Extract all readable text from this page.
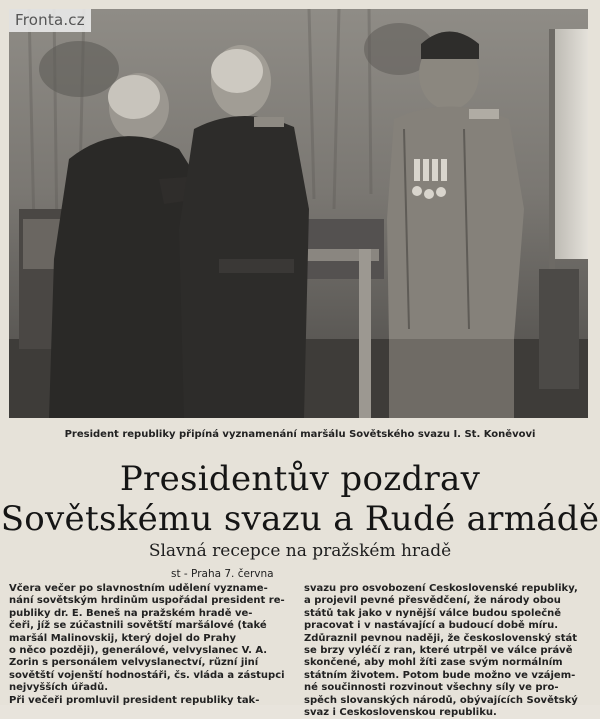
Fronta.cz
President republiky připíná vyznamenání maršálu Sovětského svazu I. St. Koněvovi
Presidentův pozdrav
Sovětskému svazu a Rudé armádě
Slavná recepce na pražském hradě
st - Praha 7. června
Včera večer po slavnostním udělení vyzname-
nání sovětským hrdinům uspořádal president re-
publiky dr. E. Beneš na pražském hradě ve-
čeři, jíž se zúčastnili sovětští maršálové (také
maršál Malinovskij, který dojel do Prahy
o něco později), generálové, velvyslanec V. A.
Zorin s personálem velvyslanectví, různí jiní
sovětští vojenští hodnostáři, čs. vláda a zástupci
nejvyšších úřadů.
Při večeři promluvil president republiky tak-
svazu pro osvobození Československé republiky,
a projevil pevné přesvědčení, že národy obou
států tak jako v nynější válce budou společně
pracovat i v nastávající a budoucí době míru.
Zdůraznil pevnou naději, že československý stát
se brzy vyléčí z ran, které utrpěl ve válce právě
skončené, aby mohl žíti zase svým normálním
státním životem. Potom bude možno ve vzájem-
né součinnosti rozvinout všechny síly ve pro-
spěch slovanských národů, obývajících Sovětský
svaz i Československou republiku.
